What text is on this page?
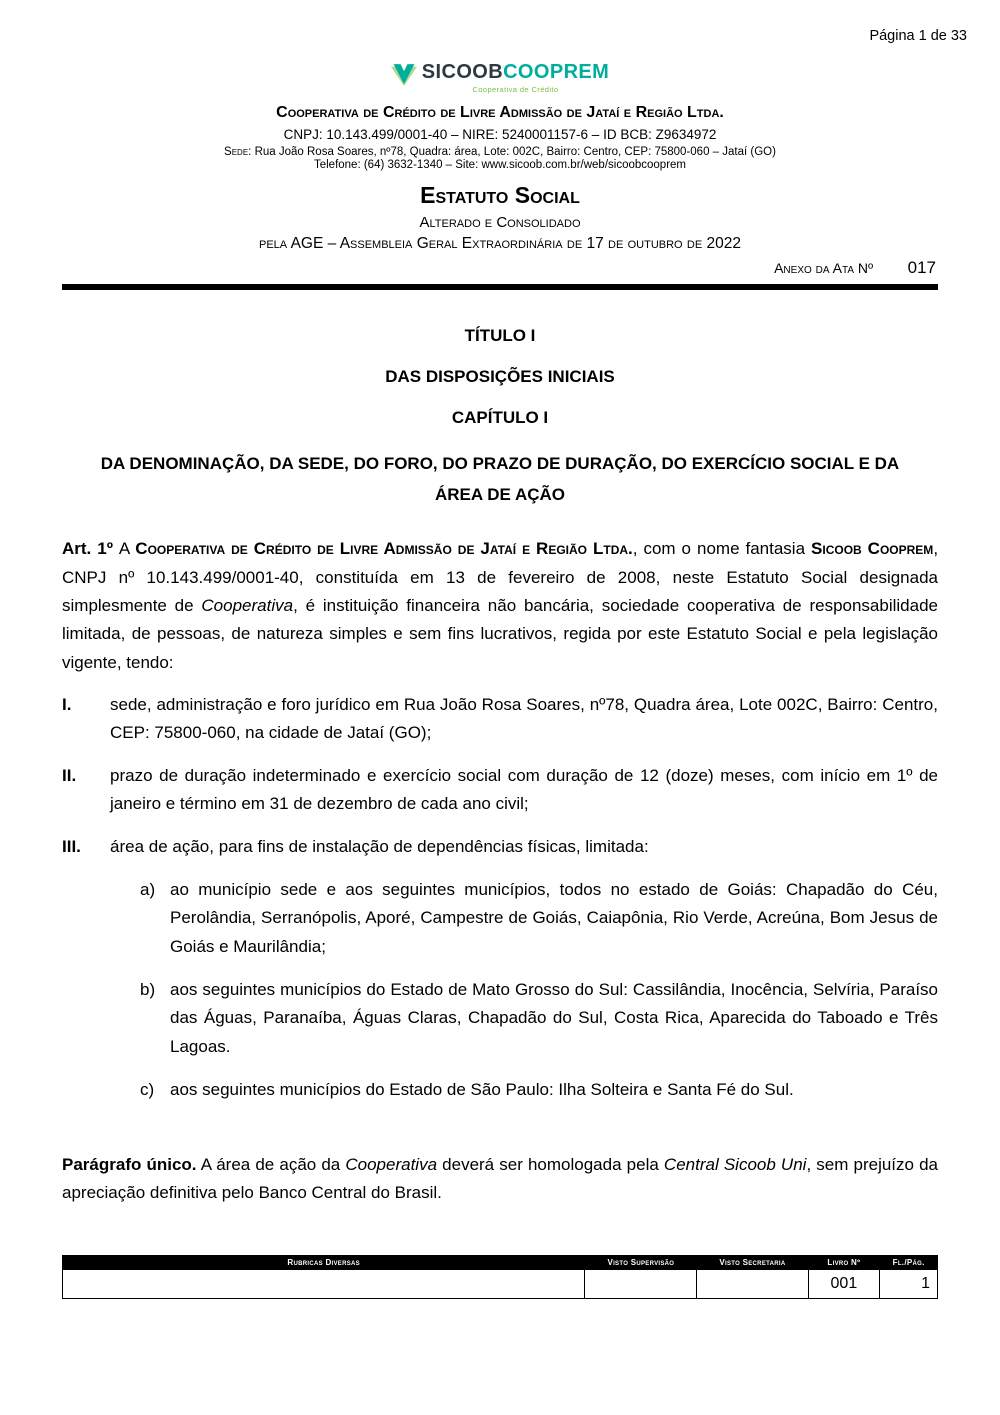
Página 1 de 33
SICOOBCOOPREM
Cooperativa de Crédito
Cooperativa de Crédito de Livre Admissão de Jataí e Região Ltda.
CNPJ: 10.143.499/0001-40 – NIRE: 5240001157-6 – ID BCB: Z9634972
Sede: Rua João Rosa Soares, nº78, Quadra: área, Lote: 002C, Bairro: Centro, CEP: 75800-060 – Jataí (GO)
Telefone: (64) 3632-1340 – Site: www.sicoob.com.br/web/sicoobcooprem
Estatuto Social
Alterado e Consolidado
pela AGE – Assembleia Geral Extraordinária de 17 de outubro de 2022
Anexo da Ata Nº 017
TÍTULO I
DAS DISPOSIÇÕES INICIAIS
CAPÍTULO I
DA DENOMINAÇÃO, DA SEDE, DO FORO, DO PRAZO DE DURAÇÃO, DO EXERCÍCIO SOCIAL E DA ÁREA DE AÇÃO

Art. 1º A Cooperativa de Crédito de Livre Admissão de Jataí e Região Ltda., com o nome fantasia Sicoob Cooprem, CNPJ nº 10.143.499/0001-40, constituída em 13 de fevereiro de 2008, neste Estatuto Social designada simplesmente de Cooperativa, é instituição financeira não bancária, sociedade cooperativa de responsabilidade limitada, de pessoas, de natureza simples e sem fins lucrativos, regida por este Estatuto Social e pela legislação vigente, tendo:

I.	sede, administração e foro jurídico em Rua João Rosa Soares, nº78, Quadra área, Lote 002C, Bairro: Centro, CEP: 75800-060, na cidade de Jataí (GO);
II.	prazo de duração indeterminado e exercício social com duração de 12 (doze) meses, com início em 1º de janeiro e término em 31 de dezembro de cada ano civil;
III.	área de ação, para fins de instalação de dependências físicas, limitada:
a) ao município sede e aos seguintes municípios, todos no estado de Goiás: Chapadão do Céu, Perolândia, Serranópolis, Aporé, Campestre de Goiás, Caiapônia, Rio Verde, Acreúna, Bom Jesus de Goiás e Maurilândia;
b) aos seguintes municípios do Estado de Mato Grosso do Sul: Cassilândia, Inocência, Selvíria, Paraíso das Águas, Paranaíba, Águas Claras, Chapadão do Sul, Costa Rica, Aparecida do Taboado e Três Lagoas.
c) aos seguintes municípios do Estado de São Paulo: Ilha Solteira e Santa Fé do Sul.

Parágrafo único. A área de ação da Cooperativa deverá ser homologada pela Central Sicoob Uni, sem prejuízo da apreciação definitiva pelo Banco Central do Brasil.

Rubricas Diversas	Visto Supervisão	Visto Secretaria	Livro Nº	Fl./Pág.
			001	1
